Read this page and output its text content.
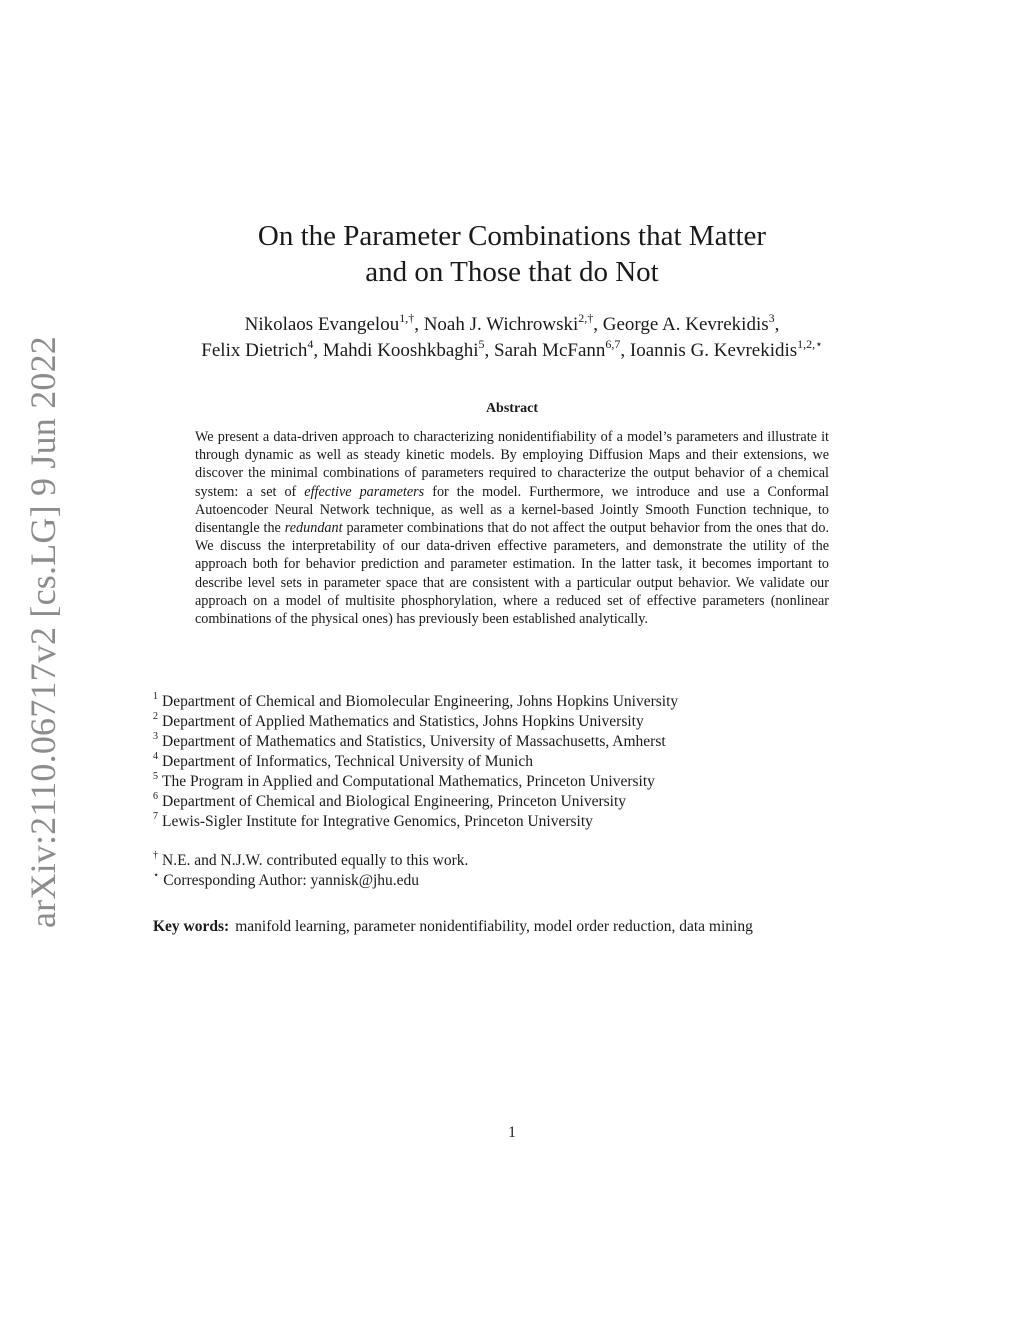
arXiv:2110.06717v2 [cs.LG] 9 Jun 2022
On the Parameter Combinations that Matter
and on Those that do Not
Nikolaos Evangelou$^{1,\dagger}$, Noah J. Wichrowski$^{2,\dagger}$, George A. Kevrekidis$^3$,
Felix Dietrich$^4$, Mahdi Kooshkbaghi$^5$, Sarah McFann$^{6,7}$, Ioannis G. Kevrekidis$^{1,2,⋆}$
Abstract
We present a data-driven approach to characterizing nonidentifiability of a model’s parameters and illustrate it through dynamic as well as steady kinetic models. By employing Diffusion Maps and their extensions, we discover the minimal combinations of parameters required to characterize the output behavior of a chemical system: a set of effective parameters for the model. Furthermore, we introduce and use a Conformal Autoencoder Neural Network technique, as well as a kernel-based Jointly Smooth Function technique, to disentangle the redundant parameter combinations that do not affect the output behavior from the ones that do. We discuss the interpretability of our data-driven effective parameters, and demonstrate the utility of the approach both for behavior prediction and parameter estimation. In the latter task, it becomes important to describe level sets in parameter space that are consistent with a particular output behavior. We validate our approach on a model of multisite phosphorylation, where a reduced set of effective parameters (nonlinear combinations of the physical ones) has previously been established analytically.
$^1$ Department of Chemical and Biomolecular Engineering, Johns Hopkins University
$^2$ Department of Applied Mathematics and Statistics, Johns Hopkins University
$^3$ Department of Mathematics and Statistics, University of Massachusetts, Amherst
$^4$ Department of Informatics, Technical University of Munich
$^5$ The Program in Applied and Computational Mathematics, Princeton University
$^6$ Department of Chemical and Biological Engineering, Princeton University
$^7$ Lewis-Sigler Institute for Integrative Genomics, Princeton University
† N.E. and N.J.W. contributed equally to this work.
⋆ Corresponding Author: yannisk@jhu.edu
Key words: manifold learning, parameter nonidentifiability, model order reduction, data mining
1
